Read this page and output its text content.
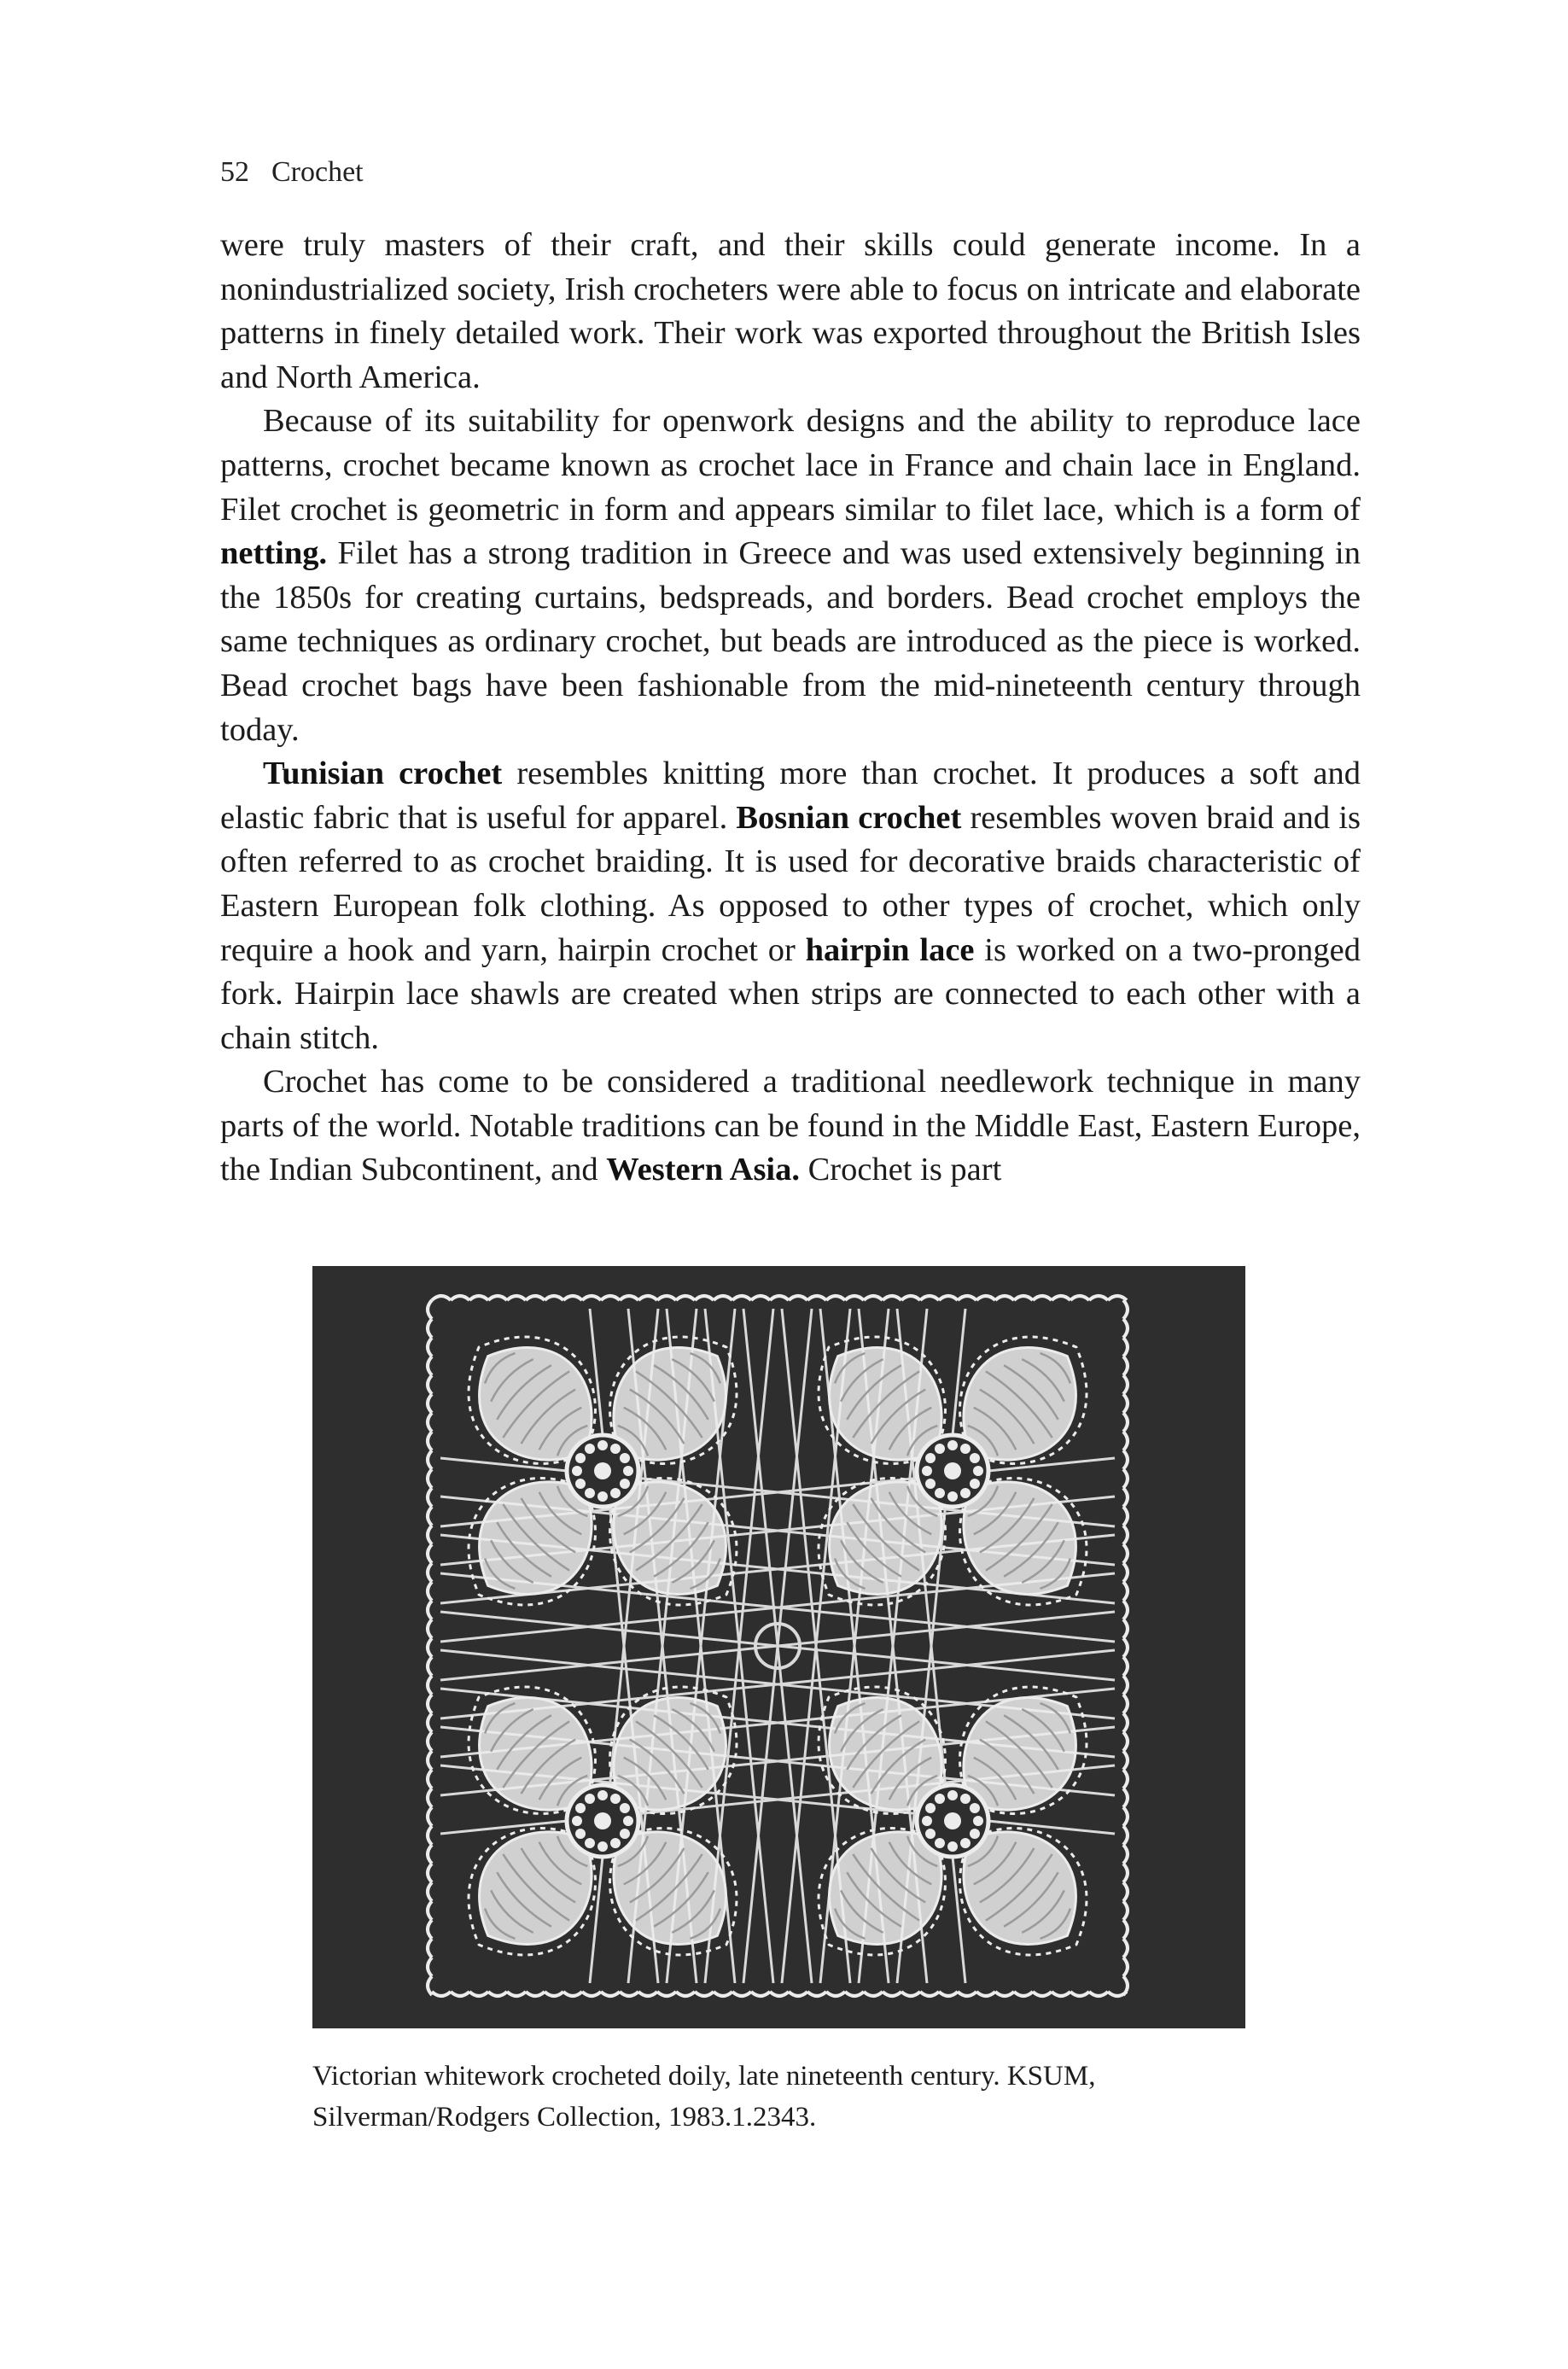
52 Crochet

were truly masters of their craft, and their skills could generate income. In a nonindustrialized society, Irish crocheters were able to focus on intricate and elaborate patterns in finely detailed work. Their work was exported throughout the British Isles and North America.

Because of its suitability for openwork designs and the ability to reproduce lace patterns, crochet became known as crochet lace in France and chain lace in England. Filet crochet is geometric in form and appears similar to filet lace, which is a form of netting. Filet has a strong tradition in Greece and was used extensively beginning in the 1850s for creating curtains, bedspreads, and borders. Bead crochet employs the same techniques as ordinary crochet, but beads are introduced as the piece is worked. Bead crochet bags have been fashionable from the mid-nineteenth century through today.

Tunisian crochet resembles knitting more than crochet. It produces a soft and elastic fabric that is useful for apparel. Bosnian crochet resembles woven braid and is often referred to as crochet braiding. It is used for decorative braids characteristic of Eastern European folk clothing. As opposed to other types of crochet, which only require a hook and yarn, hairpin crochet or hairpin lace is worked on a two-pronged fork. Hairpin lace shawls are created when strips are connected to each other with a chain stitch.

Crochet has come to be considered a traditional needlework technique in many parts of the world. Notable traditions can be found in the Middle East, Eastern Europe, the Indian Subcontinent, and Western Asia. Crochet is part

Victorian whitework crocheted doily, late nineteenth century. KSUM, Silverman/Rodgers Collection, 1983.1.2343.
